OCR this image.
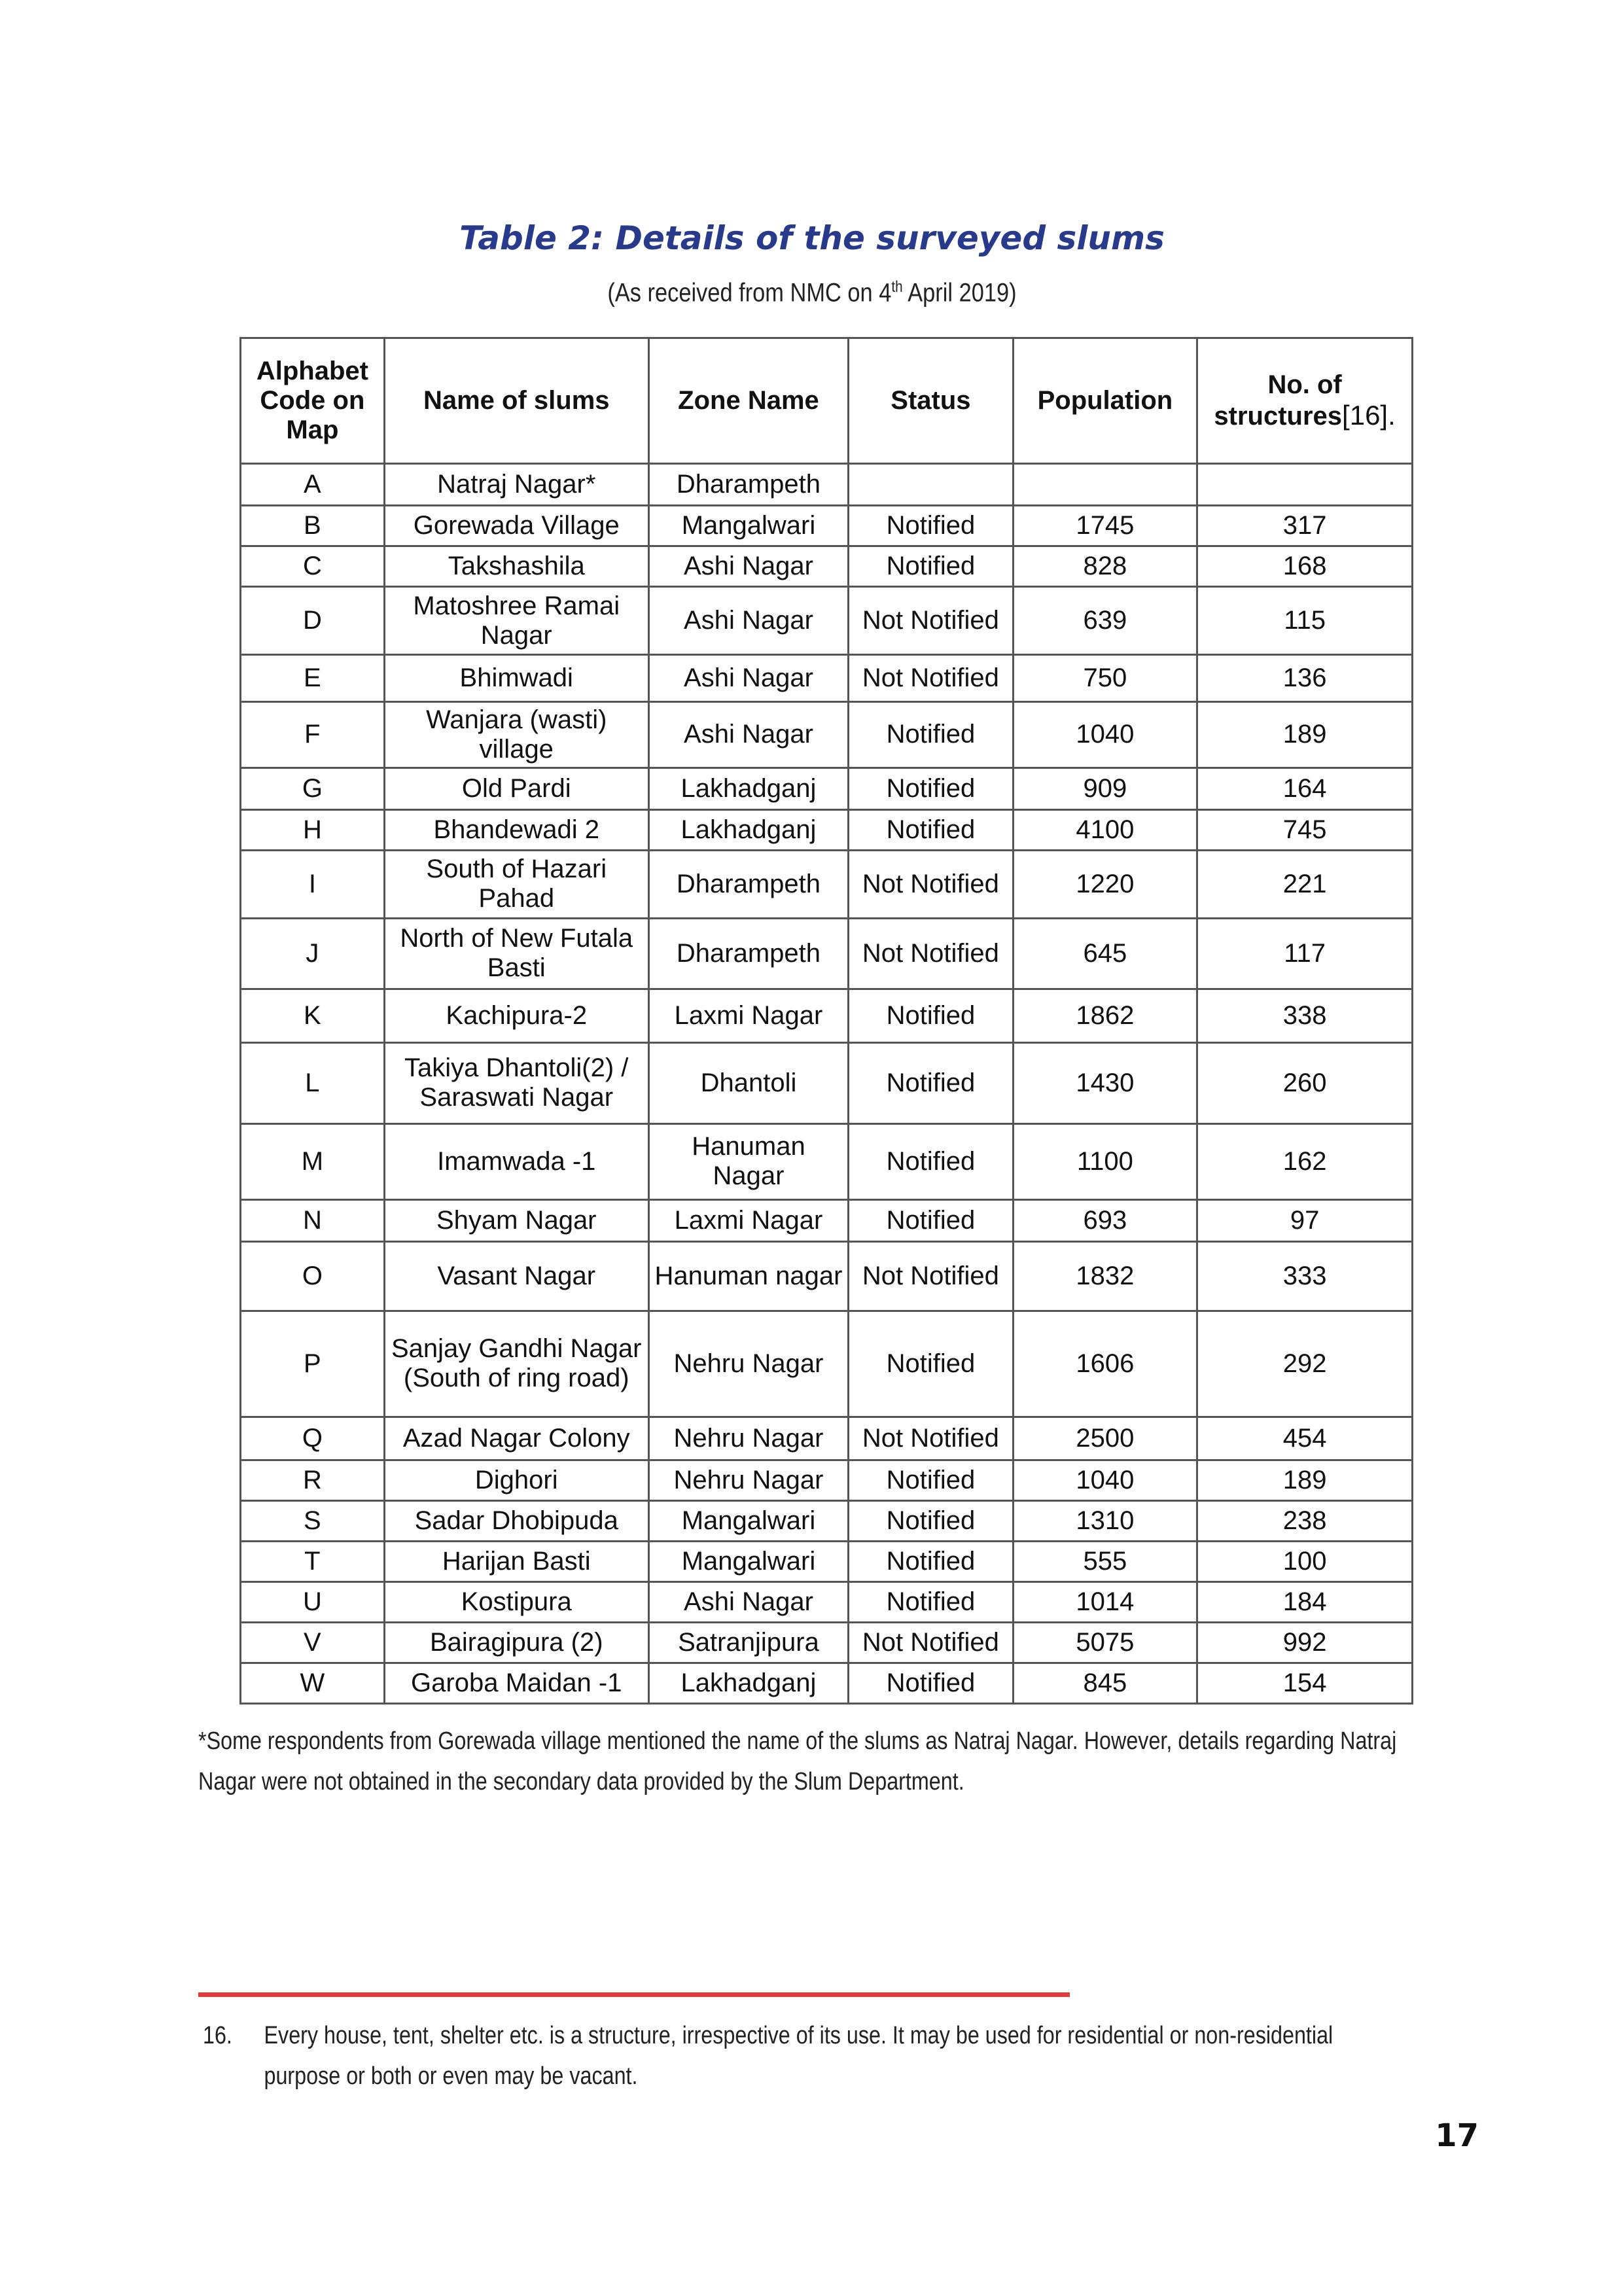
Table 2: Details of the surveyed slums
(As received from NMC on 4th April 2019)
Alphabet Code on Map	Name of slums	Zone Name	Status	Population	No. of structures[16].
A	Natraj Nagar*	Dharampeth			
B	Gorewada Village	Mangalwari	Notified	1745	317
C	Takshashila	Ashi Nagar	Notified	828	168
D	Matoshree Ramai Nagar	Ashi Nagar	Not Notified	639	115
E	Bhimwadi	Ashi Nagar	Not Notified	750	136
F	Wanjara (wasti) village	Ashi Nagar	Notified	1040	189
G	Old Pardi	Lakhadganj	Notified	909	164
H	Bhandewadi 2	Lakhadganj	Notified	4100	745
I	South of Hazari Pahad	Dharampeth	Not Notified	1220	221
J	North of New Futala Basti	Dharampeth	Not Notified	645	117
K	Kachipura-2	Laxmi Nagar	Notified	1862	338
L	Takiya Dhantoli(2) / Saraswati Nagar	Dhantoli	Notified	1430	260
M	Imamwada -1	Hanuman Nagar	Notified	1100	162
N	Shyam Nagar	Laxmi Nagar	Notified	693	97
O	Vasant Nagar	Hanuman nagar	Not Notified	1832	333
P	Sanjay Gandhi Nagar (South of ring road)	Nehru Nagar	Notified	1606	292
Q	Azad Nagar Colony	Nehru Nagar	Not Notified	2500	454
R	Dighori	Nehru Nagar	Notified	1040	189
S	Sadar Dhobipuda	Mangalwari	Notified	1310	238
T	Harijan Basti	Mangalwari	Notified	555	100
U	Kostipura	Ashi Nagar	Notified	1014	184
V	Bairagipura (2)	Satranjipura	Not Notified	5075	992
W	Garoba Maidan -1	Lakhadganj	Notified	845	154
*Some respondents from Gorewada village mentioned the name of the slums as Natraj Nagar. However, details regarding Natraj Nagar were not obtained in the secondary data provided by the Slum Department.
16. Every house, tent, shelter etc. is a structure, irrespective of its use. It may be used for residential or non-residential
purpose or both or even may be vacant.
17
